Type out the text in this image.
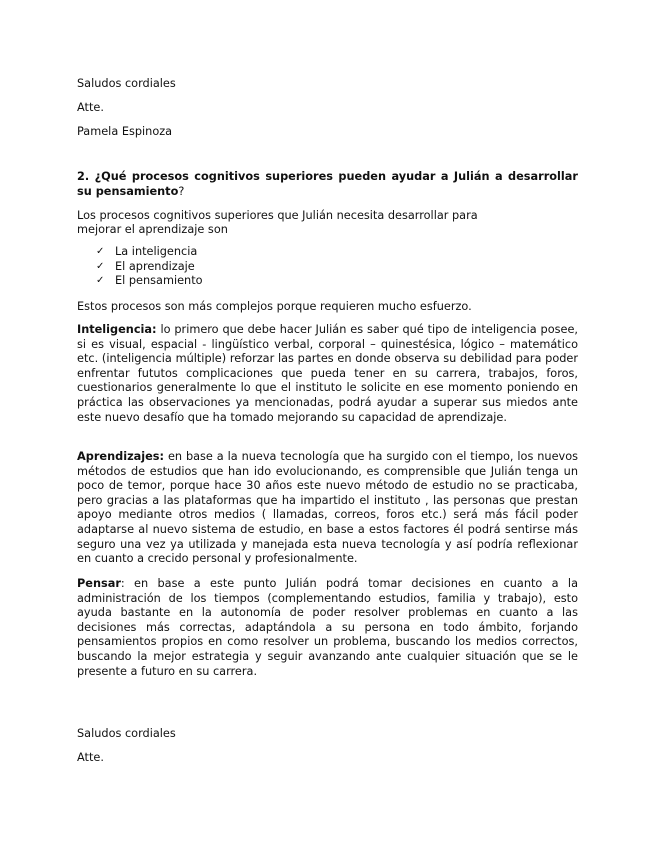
Saludos cordiales
Atte.
Pamela Espinoza
2. ¿Qué procesos cognitivos superiores pueden ayudar a Julián a desarrollar su pensamiento?
Los procesos cognitivos superiores que Julián necesita desarrollar para
mejorar el aprendizaje son
✓ La inteligencia
✓ El aprendizaje
✓ El pensamiento
Estos procesos son más complejos porque requieren mucho esfuerzo.

Inteligencia: lo primero que debe hacer Julián es saber qué tipo de inteligencia posee, si es visual, espacial - lingüístico verbal, corporal – quinestésica, lógico – matemático etc. (inteligencia múltiple) reforzar las partes en donde observa su debilidad para poder enfrentar fututos complicaciones que pueda tener en su carrera, trabajos, foros, cuestionarios generalmente lo que el instituto le solicite en ese momento poniendo en práctica las observaciones ya mencionadas, podrá ayudar a superar sus miedos ante este nuevo desafío que ha tomado mejorando su capacidad de aprendizaje.

Aprendizajes: en base a la nueva tecnología que ha surgido con el tiempo, los nuevos métodos de estudios que han ido evolucionando, es comprensible que Julián tenga un poco de temor, porque hace 30 años este nuevo método de estudio no se practicaba, pero gracias a las plataformas que ha impartido el instituto , las personas que prestan apoyo mediante otros medios ( llamadas, correos, foros etc.) será más fácil poder adaptarse al nuevo sistema de estudio, en base a estos factores él podrá sentirse más seguro una vez ya utilizada y manejada esta nueva tecnología y así podría reflexionar en cuanto a crecido personal y profesionalmente.

Pensar: en base a este punto Julián podrá tomar decisiones en cuanto a la administración de los tiempos (complementando estudios, familia y trabajo), esto ayuda bastante en la autonomía de poder resolver problemas en cuanto a las decisiones más correctas, adaptándola a su persona en todo ámbito, forjando pensamientos propios en como resolver un problema, buscando los medios correctos, buscando la mejor estrategia y seguir avanzando ante cualquier situación que se le presente a futuro en su carrera.

Saludos cordiales
Atte.
